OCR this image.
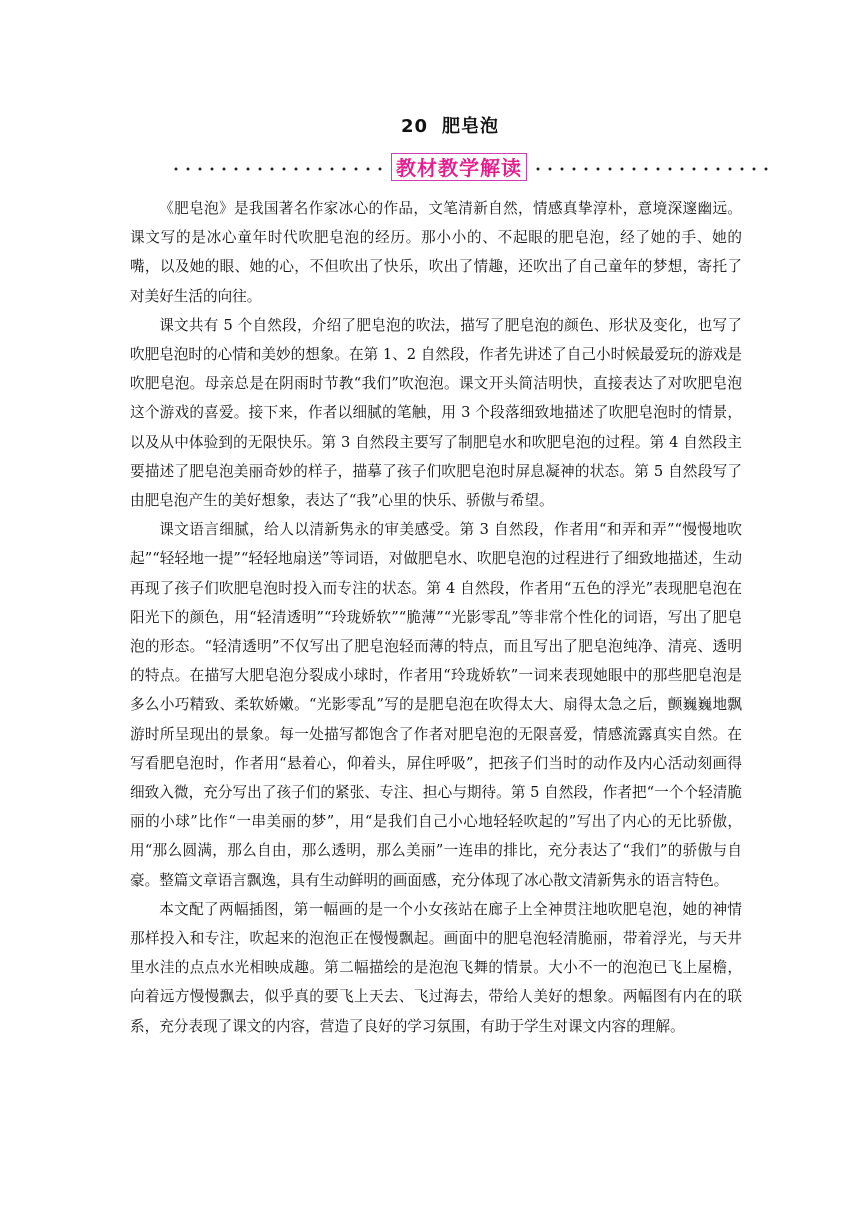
20 肥皂泡
教材教学解读

《肥皂泡》是我国著名作家冰心的作品，文笔清新自然，情感真挚淳朴，意境深邃幽远。课文写的是冰心童年时代吹肥皂泡的经历。那小小的、不起眼的肥皂泡，经了她的手、她的嘴，以及她的眼、她的心，不但吹出了快乐，吹出了情趣，还吹出了自己童年的梦想，寄托了对美好生活的向往。

课文共有 5 个自然段，介绍了肥皂泡的吹法，描写了肥皂泡的颜色、形状及变化，也写了吹肥皂泡时的心情和美妙的想象。在第 1、2 自然段，作者先讲述了自己小时候最爱玩的游戏是吹肥皂泡。母亲总是在阴雨时节教“我们”吹泡泡。课文开头简洁明快，直接表达了对吹肥皂泡这个游戏的喜爱。接下来，作者以细腻的笔触，用 3 个段落细致地描述了吹肥皂泡时的情景，以及从中体验到的无限快乐。第 3 自然段主要写了制肥皂水和吹肥皂泡的过程。第 4 自然段主要描述了肥皂泡美丽奇妙的样子，描摹了孩子们吹肥皂泡时屏息凝神的状态。第 5 自然段写了由肥皂泡产生的美好想象，表达了“我”心里的快乐、骄傲与希望。

课文语言细腻，给人以清新隽永的审美感受。第 3 自然段，作者用“和弄和弄”“慢慢地吹起”“轻轻地一提”“轻轻地扇送”等词语，对做肥皂水、吹肥皂泡的过程进行了细致地描述，生动再现了孩子们吹肥皂泡时投入而专注的状态。第 4 自然段，作者用“五色的浮光”表现肥皂泡在阳光下的颜色，用“轻清透明”“玲珑娇软”“脆薄”“光影零乱”等非常个性化的词语，写出了肥皂泡的形态。“轻清透明”不仅写出了肥皂泡轻而薄的特点，而且写出了肥皂泡纯净、清亮、透明的特点。在描写大肥皂泡分裂成小球时，作者用“玲珑娇软”一词来表现她眼中的那些肥皂泡是多么小巧精致、柔软娇嫩。“光影零乱”写的是肥皂泡在吹得太大、扇得太急之后，颤巍巍地飘游时所呈现出的景象。每一处描写都饱含了作者对肥皂泡的无限喜爱，情感流露真实自然。在写看肥皂泡时，作者用“悬着心，仰着头，屏住呼吸”，把孩子们当时的动作及内心活动刻画得细致入微，充分写出了孩子们的紧张、专注、担心与期待。第 5 自然段，作者把“一个个轻清脆丽的小球”比作“一串美丽的梦”，用“是我们自己小心地轻轻吹起的”写出了内心的无比骄傲，用“那么圆满，那么自由，那么透明，那么美丽”一连串的排比，充分表达了“我们”的骄傲与自豪。整篇文章语言飘逸，具有生动鲜明的画面感，充分体现了冰心散文清新隽永的语言特色。

本文配了两幅插图，第一幅画的是一个小女孩站在廊子上全神贯注地吹肥皂泡，她的神情那样投入和专注，吹起来的泡泡正在慢慢飘起。画面中的肥皂泡轻清脆丽，带着浮光，与天井里水洼的点点水光相映成趣。第二幅描绘的是泡泡飞舞的情景。大小不一的泡泡已飞上屋檐，向着远方慢慢飘去，似乎真的要飞上天去、飞过海去，带给人美好的想象。两幅图有内在的联系，充分表现了课文的内容，营造了良好的学习氛围，有助于学生对课文内容的理解。
